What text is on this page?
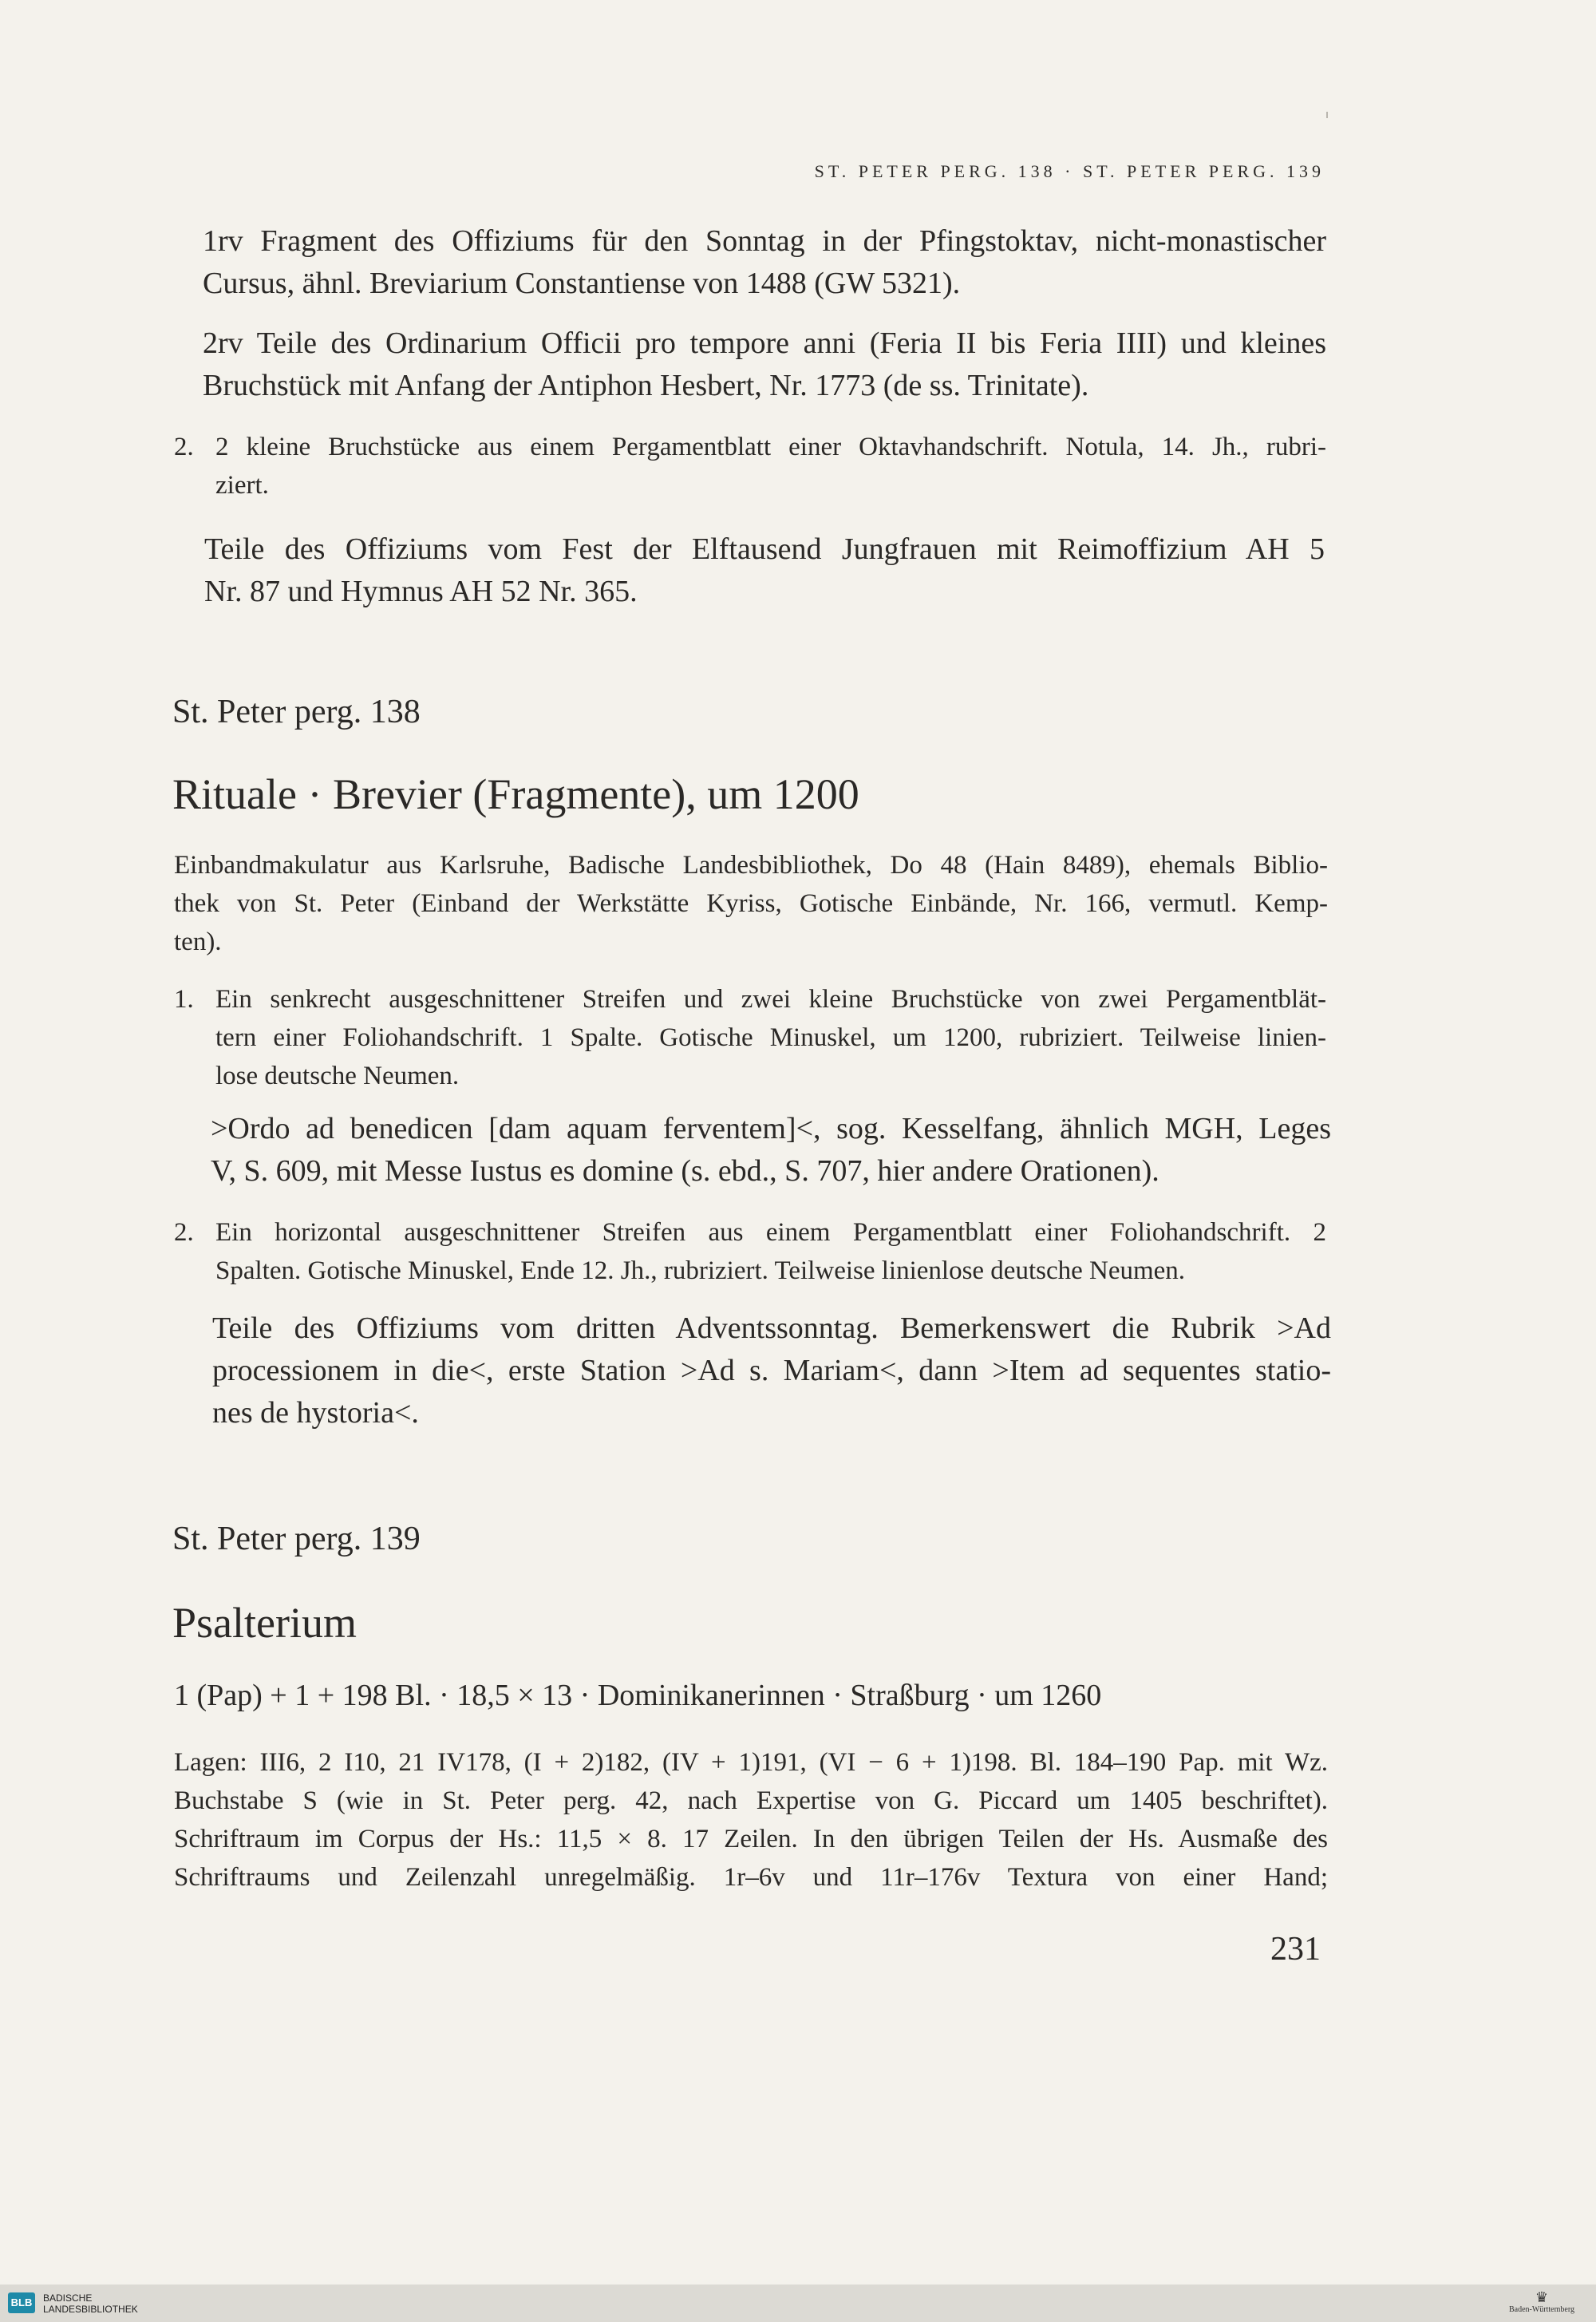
ST. PETER PERG. 138 · ST. PETER PERG. 139

1rv Fragment des Offiziums für den Sonntag in der Pfingstoktav, nicht-monastischer

Cursus, ähnl. Breviarium Constantiense von 1488 (GW 5321).

2rv Teile des Ordinarium Officii pro tempore anni (Feria II bis Feria IIII) und kleines

Bruchstück mit Anfang der Antiphon Hesbert, Nr. 1773 (de ss. Trinitate).

2. 2 kleine Bruchstücke aus einem Pergamentblatt einer Oktavhandschrift. Notula, 14. Jh., rubri-

ziert.

Teile des Offiziums vom Fest der Elftausend Jungfrauen mit Reimoffizium AH 5

Nr. 87 und Hymnus AH 52 Nr. 365.

St. Peter perg. 138
Rituale · Brevier (Fragmente), um 1200

Einbandmakulatur aus Karlsruhe, Badische Landesbibliothek, Do 48 (Hain 8489), ehemals Biblio-

thek von St. Peter (Einband der Werkstätte Kyriss, Gotische Einbände, Nr. 166, vermutl. Kemp-

ten).

1. Ein senkrecht ausgeschnittener Streifen und zwei kleine Bruchstücke von zwei Pergamentblät-

tern einer Foliohandschrift. 1 Spalte. Gotische Minuskel, um 1200, rubriziert. Teilweise linien-

lose deutsche Neumen.

>Ordo ad benedicen [dam aquam ferventem]<, sog. Kesselfang, ähnlich MGH, Leges

V, S. 609, mit Messe Iustus es domine (s. ebd., S. 707, hier andere Orationen).

2. Ein horizontal ausgeschnittener Streifen aus einem Pergamentblatt einer Foliohandschrift. 2

Spalten. Gotische Minuskel, Ende 12. Jh., rubriziert. Teilweise linienlose deutsche Neumen.

Teile des Offiziums vom dritten Adventssonntag. Bemerkenswert die Rubrik >Ad

processionem in die<, erste Station >Ad s. Mariam<, dann >Item ad sequentes statio-

nes de hystoria<.

St. Peter perg. 139
Psalterium

1 (Pap) + 1 + 198 Bl. · 18,5 × 13 · Dominikanerinnen · Straßburg · um 1260

Lagen: III6, 2 I10, 21 IV178, (I + 2)182, (IV + 1)191, (VI − 6 + 1)198. Bl. 184–190 Pap. mit Wz.

Buchstabe S (wie in St. Peter perg. 42, nach Expertise von G. Piccard um 1405 beschriftet).

Schriftraum im Corpus der Hs.: 11,5 × 8. 17 Zeilen. In den übrigen Teilen der Hs. Ausmaße des

Schriftraums und Zeilenzahl unregelmäßig. 1r–6v und 11r–176v Textura von einer Hand;

231
BLB	BADISCHE
LANDESBIBLIOTHEK
♛
Baden-Württemberg
